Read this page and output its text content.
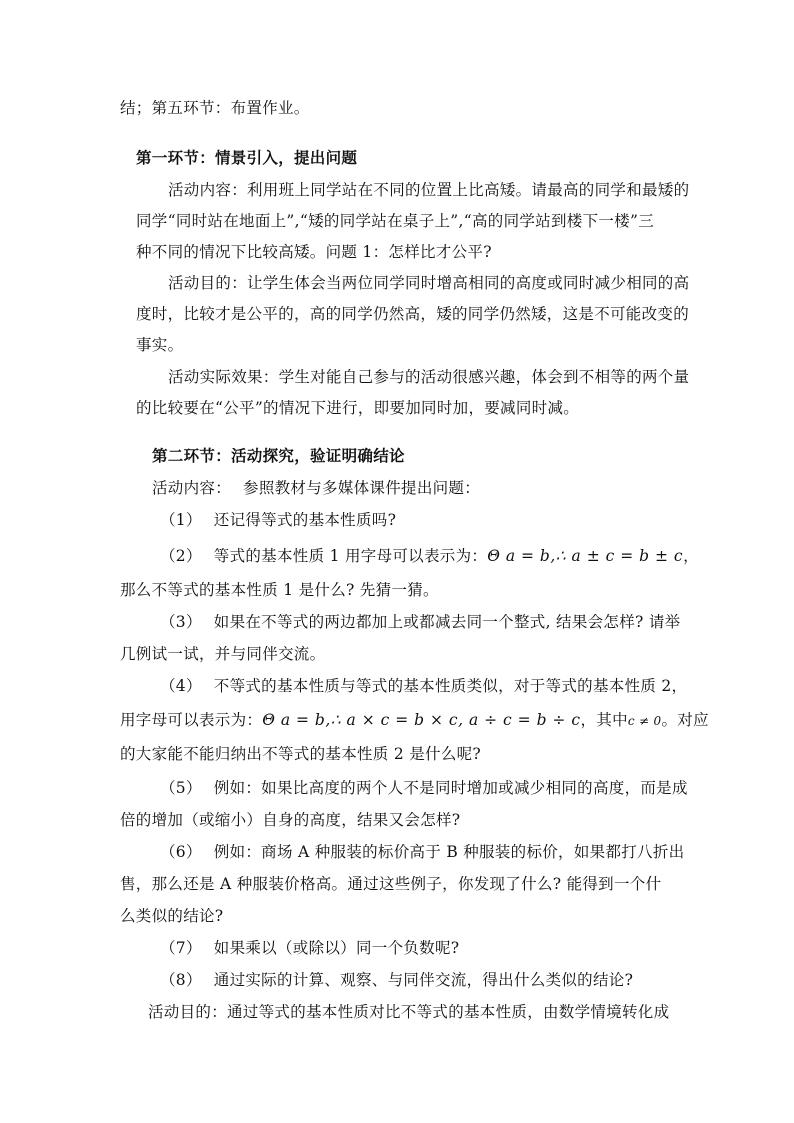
结；第五环节：布置作业。
第一环节：情景引入，提出问题
活动内容：利用班上同学站在不同的位置上比高矮。请最高的同学和最矮的
同学“同时站在地面上”,“矮的同学站在桌子上”,“高的同学站到楼下一楼”三
种不同的情况下比较高矮。问题 1：怎样比才公平?
活动目的：让学生体会当两位同学同时增高相同的高度或同时减少相同的高
度时，比较才是公平的，高的同学仍然高，矮的同学仍然矮，这是不可能改变的
事实。
活动实际效果：学生对能自己参与的活动很感兴趣，体会到不相等的两个量
的比较要在“公平”的情况下进行，即要加同时加，要减同时减。
第二环节：活动探究，验证明确结论
活动内容： 参照教材与多媒体课件提出问题：
（1） 还记得等式的基本性质吗?
（2） 等式的基本性质 1 用字母可以表示为：Θ a = b,∴ a ± c = b ± c，
那么不等式的基本性质 1 是什么? 先猜一猜。
（3） 如果在不等式的两边都加上或都减去同一个整式, 结果会怎样? 请举
几例试一试，并与同伴交流。
（4） 不等式的基本性质与等式的基本性质类似，对于等式的基本性质 2，
用字母可以表示为：Θ a = b,∴ a × c = b × c, a ÷ c = b ÷ c，其中c ≠ 0。对应
的大家能不能归纳出不等式的基本性质 2 是什么呢?
（5） 例如：如果比高度的两个人不是同时增加或减少相同的高度，而是成
倍的增加（或缩小）自身的高度，结果又会怎样?
（6） 例如：商场 A 种服装的标价高于 B 种服装的标价，如果都打八折出
售，那么还是 A 种服装价格高。通过这些例子，你发现了什么? 能得到一个什
么类似的结论?
（7） 如果乘以（或除以）同一个负数呢?
（8） 通过实际的计算、观察、与同伴交流，得出什么类似的结论?
活动目的：通过等式的基本性质对比不等式的基本性质，由数学情境转化成
